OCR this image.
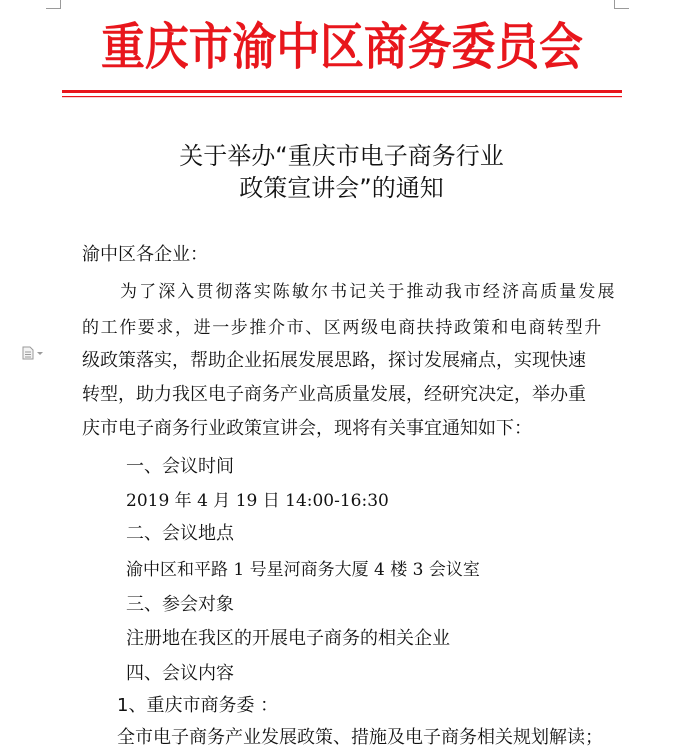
重庆市渝中区商务委员会
关于举办“重庆市电子商务行业
政策宣讲会”的通知
渝中区各企业：
为了深入贯彻落实陈敏尔书记关于推动我市经济高质量发展
的工作要求，进一步推介市、区两级电商扶持政策和电商转型升
级政策落实，帮助企业拓展发展思路，探讨发展痛点，实现快速
转型，助力我区电子商务产业高质量发展，经研究决定，举办重
庆市电子商务行业政策宣讲会，现将有关事宜通知如下：
一、会议时间
2019 年 4 月 19 日 14:00-16:30
二、会议地点
渝中区和平路 1 号星河商务大厦 4 楼 3 会议室
三、参会对象
注册地在我区的开展电子商务的相关企业
四、会议内容
1、重庆市商务委 ：
全市电子商务产业发展政策、措施及电子商务相关规划解读；
